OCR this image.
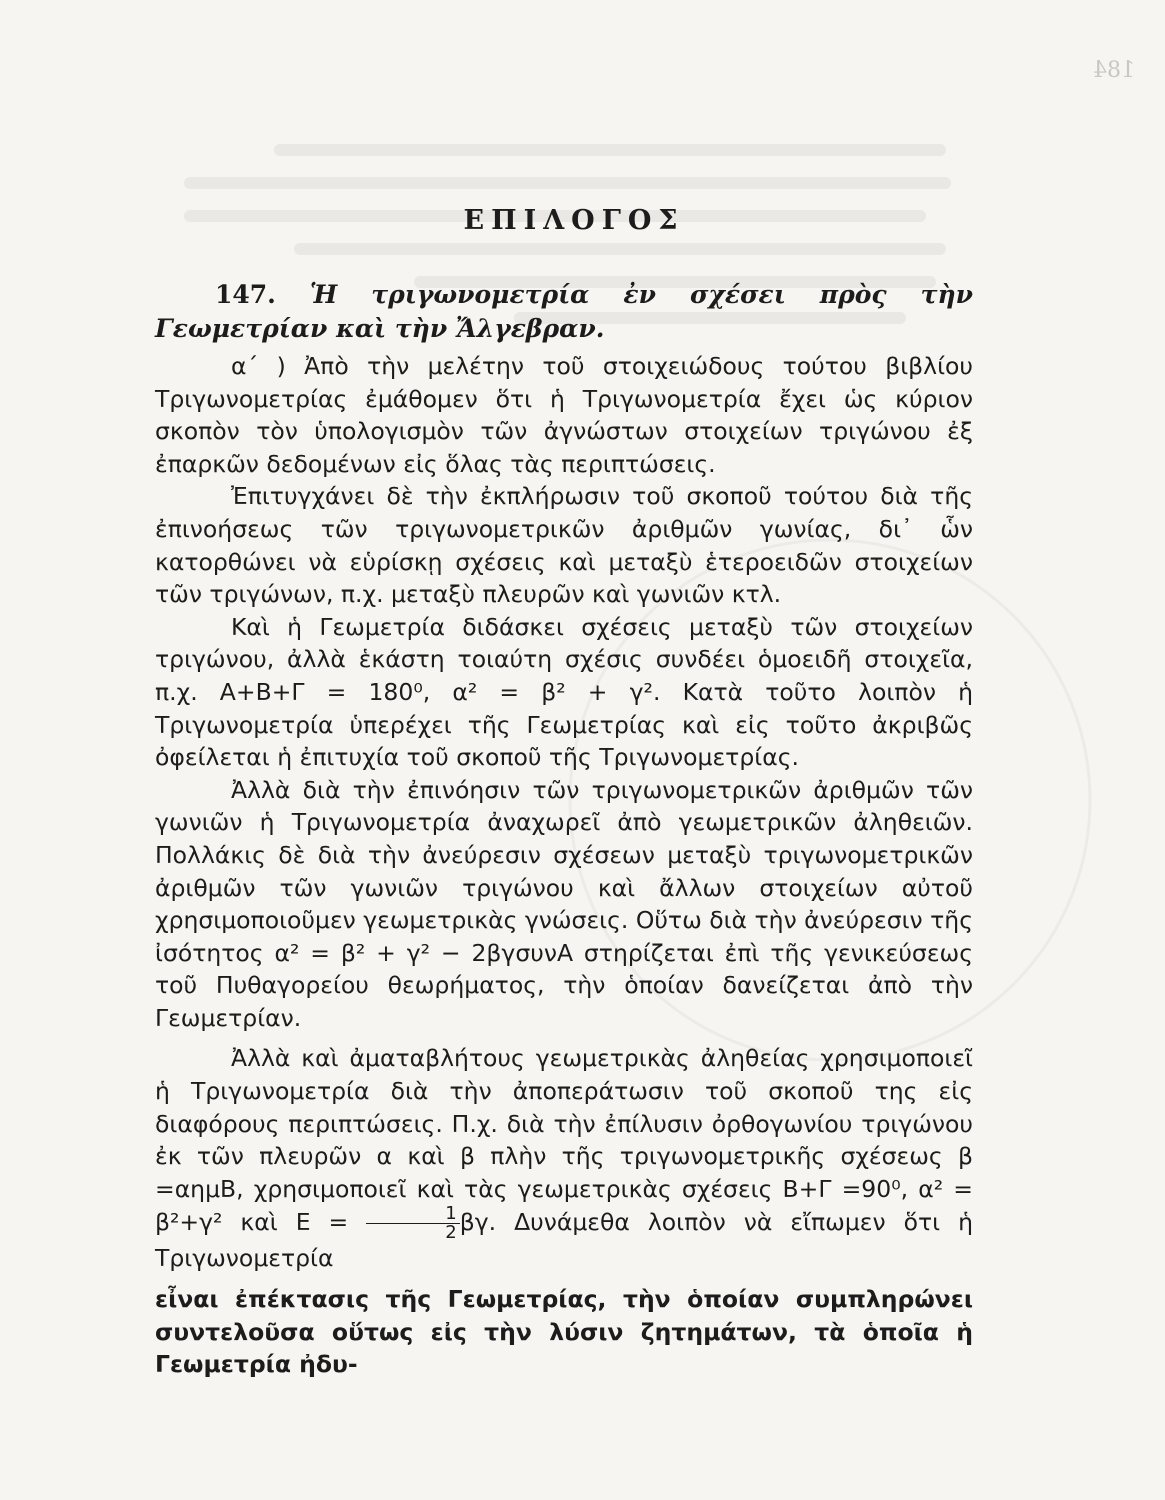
184
ΕΠΙΛΟΓΟΣ
147. Ἡ τριγωνομετρία ἐν σχέσει πρὸς τὴν Γεωμετρίαν καὶ τὴν Ἄλγεβραν.

α΄ ) Ἀπὸ τὴν μελέτην τοῦ στοιχειώδους τούτου βιβλίου Τριγωνομετρίας ἐμάθομεν ὅτι ἡ Τριγωνομετρία ἔχει ὡς κύριον σκοπὸν τὸν ὑπολογισμὸν τῶν ἀγνώστων στοιχείων τριγώνου ἐξ ἐπαρκῶν δεδομένων εἰς ὅλας τὰς περιπτώσεις.

Ἐπιτυγχάνει δὲ τὴν ἐκπλήρωσιν τοῦ σκοποῦ τούτου διὰ τῆς ἐπινοήσεως τῶν τριγωνομετρικῶν ἀριθμῶν γωνίας, δι᾽ ὧν κατορθώνει νὰ εὑρίσκῃ σχέσεις καὶ μεταξὺ ἑτεροειδῶν στοιχείων τῶν τριγώνων, π.χ. μεταξὺ πλευρῶν καὶ γωνιῶν κτλ.

Καὶ ἡ Γεωμετρία διδάσκει σχέσεις μεταξὺ τῶν στοιχείων τριγώνου, ἀλλὰ ἑκάστη τοιαύτη σχέσις συνδέει ὁμοειδῆ στοιχεῖα, π.χ. Α+Β+Γ = 180⁰, α² = β² + γ². Κατὰ τοῦτο λοιπὸν ἡ Τριγωνομετρία ὑπερέχει τῆς Γεωμετρίας καὶ εἰς τοῦτο ἀκριβῶς ὀφείλεται ἡ ἐπιτυχία τοῦ σκοποῦ τῆς Τριγωνομετρίας.

Ἀλλὰ διὰ τὴν ἐπινόησιν τῶν τριγωνομετρικῶν ἀριθμῶν τῶν γωνιῶν ἡ Τριγωνομετρία ἀναχωρεῖ ἀπὸ γεωμετρικῶν ἀληθειῶν. Πολλάκις δὲ διὰ τὴν ἀνεύρεσιν σχέσεων μεταξὺ τριγωνομετρικῶν ἀριθμῶν τῶν γωνιῶν τριγώνου καὶ ἄλλων στοιχείων αὐτοῦ χρησιμοποιοῦμεν γεωμετρικὰς γνώσεις. Οὕτω διὰ τὴν ἀνεύρεσιν τῆς ἰσότητος α² = β² + γ² − 2βγσυνΑ στηρίζεται ἐπὶ τῆς γενικεύσεως τοῦ Πυθαγορείου θεωρήματος, τὴν ὁποίαν δανείζεται ἀπὸ τὴν Γεωμετρίαν.

Ἀλλὰ καὶ ἀματαβλήτους γεωμετρικὰς ἀληθείας χρησιμοποιεῖ ἡ Τριγωνομετρία διὰ τὴν ἀποπεράτωσιν τοῦ σκοποῦ της εἰς διαφόρους περιπτώσεις. Π.χ. διὰ τὴν ἐπίλυσιν ὀρθογωνίου τριγώνου ἐκ τῶν πλευρῶν α καὶ β πλὴν τῆς τριγωνομετρικῆς σχέσεως β =αημΒ, χρησιμοποιεῖ καὶ τὰς γεωμετρικὰς σχέσεις Β+Γ =90⁰, α² = β²+γ² καὶ $E = \frac{1}{2} \beta\gamma$. Δυνάμεθα λοιπὸν νὰ εἴπωμεν ὅτι ἡ Τριγωνομετρία

εἶναι ἐπέκτασις τῆς Γεωμετρίας, τὴν ὁποίαν συμπληρώνει συντελοῦσα οὕτως εἰς τὴν λύσιν ζητημάτων, τὰ ὁποῖα ἡ Γεωμετρία ἠδυ-
